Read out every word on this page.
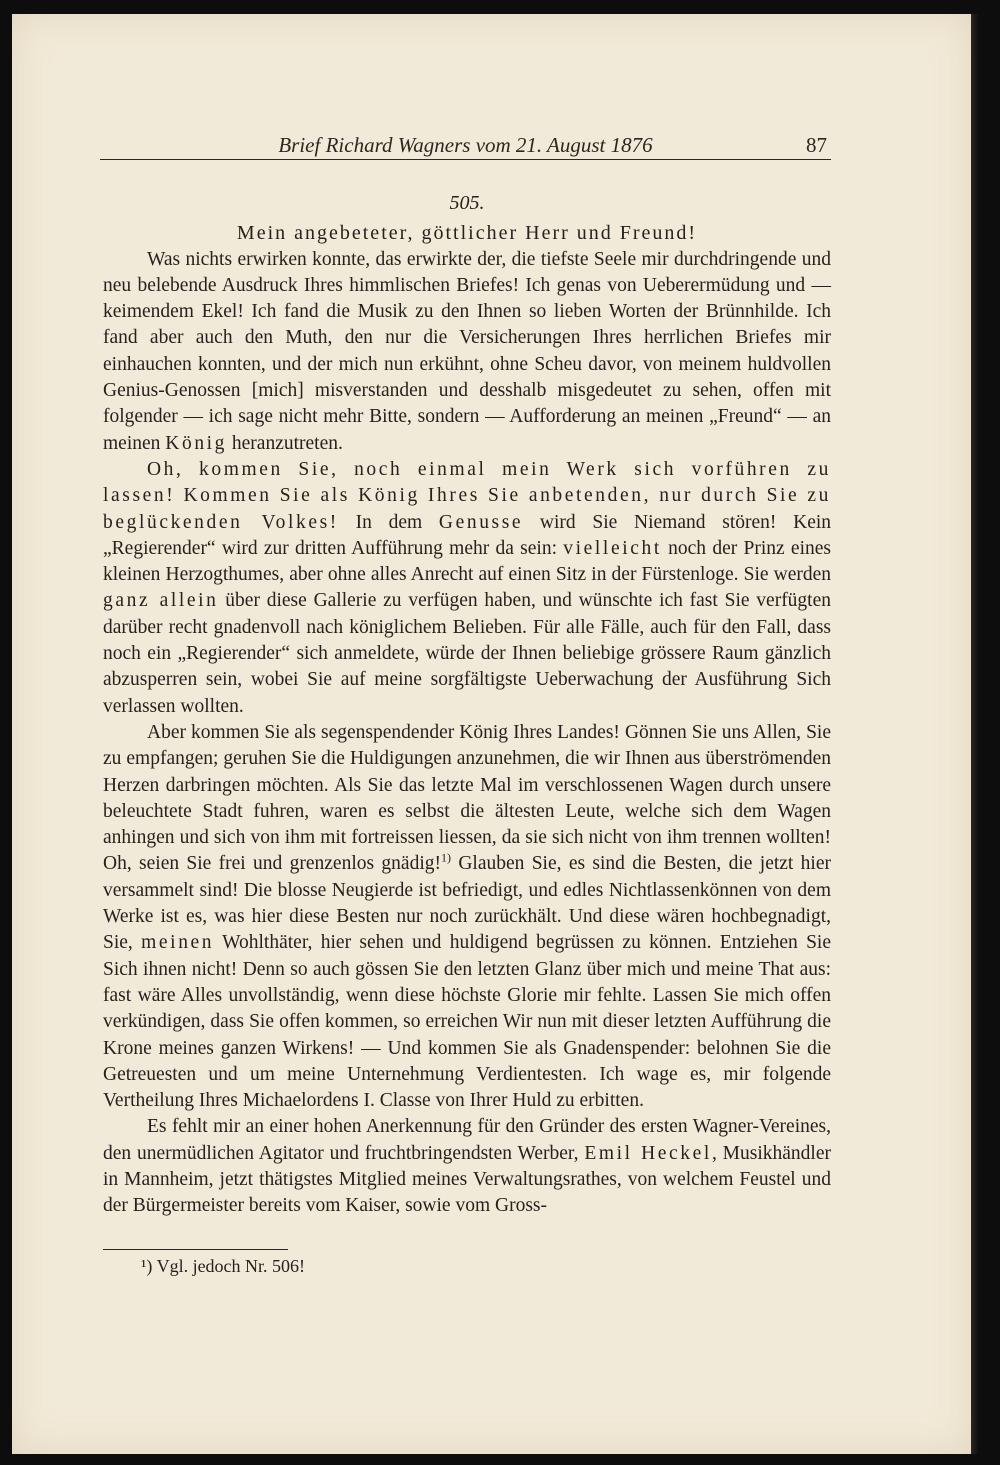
Brief Richard Wagners vom 21. August 1876	87

505.

Mein angebeteter, göttlicher Herr und Freund!

Was nichts erwirken konnte, das erwirkte der, die tiefste Seele mir durchdringende und neu belebende Ausdruck Ihres himmlischen Briefes! Ich genas von Ueberermüdung und — keimendem Ekel! Ich fand die Musik zu den Ihnen so lieben Worten der Brünnhilde. Ich fand aber auch den Muth, den nur die Versicherungen Ihres herrlichen Briefes mir einhauchen konnten, und der mich nun erkühnt, ohne Scheu davor, von meinem huldvollen Genius-Genossen [mich] misverstanden und desshalb misgedeutet zu sehen, offen mit folgender — ich sage nicht mehr Bitte, sondern — Aufforderung an meinen „Freund“ — an meinen König heranzutreten.

Oh, kommen Sie, noch einmal mein Werk sich vorführen zu lassen! Kommen Sie als König Ihres Sie anbetenden, nur durch Sie zu beglückenden Volkes! In dem Genusse wird Sie Niemand stören! Kein „Regierender“ wird zur dritten Aufführung mehr da sein: vielleicht noch der Prinz eines kleinen Herzogthumes, aber ohne alles Anrecht auf einen Sitz in der Fürstenloge. Sie werden ganz allein über diese Gallerie zu verfügen haben, und wünschte ich fast Sie verfügten darüber recht gnadenvoll nach königlichem Belieben. Für alle Fälle, auch für den Fall, dass noch ein „Regierender“ sich anmeldete, würde der Ihnen beliebige grössere Raum gänzlich abzusperren sein, wobei Sie auf meine sorgfältigste Ueberwachung der Ausführung Sich verlassen wollten.

Aber kommen Sie als segenspendender König Ihres Landes! Gönnen Sie uns Allen, Sie zu empfangen; geruhen Sie die Huldigungen anzunehmen, die wir Ihnen aus überströmenden Herzen darbringen möchten. Als Sie das letzte Mal im verschlossenen Wagen durch unsere beleuchtete Stadt fuhren, waren es selbst die ältesten Leute, welche sich dem Wagen anhingen und sich von ihm mit fortreissen liessen, da sie sich nicht von ihm trennen wollten! Oh, seien Sie frei und grenzenlos gnädig!$^{1)}$ Glauben Sie, es sind die Besten, die jetzt hier versammelt sind! Die blosse Neugierde ist befriedigt, und edles Nichtlassenkönnen von dem Werke ist es, was hier diese Besten nur noch zurückhält. Und diese wären hochbegnadigt, Sie, meinen Wohlthäter, hier sehen und huldigend begrüssen zu können. Entziehen Sie Sich ihnen nicht! Denn so auch gössen Sie den letzten Glanz über mich und meine That aus: fast wäre Alles unvollständig, wenn diese höchste Glorie mir fehlte. Lassen Sie mich offen verkündigen, dass Sie offen kommen, so erreichen Wir nun mit dieser letzten Aufführung die Krone meines ganzen Wirkens! — Und kommen Sie als Gnadenspender: belohnen Sie die Getreuesten und um meine Unternehmung Verdientesten. Ich wage es, mir folgende Vertheilung Ihres Michaelordens I. Classe von Ihrer Huld zu erbitten.

Es fehlt mir an einer hohen Anerkennung für den Gründer des ersten Wagner-Vereines, den unermüdlichen Agitator und fruchtbringendsten Werber, Emil Heckel, Musikhändler in Mannheim, jetzt thätigstes Mitglied meines Verwaltungsrathes, von welchem Feustel und der Bürgermeister bereits vom Kaiser, sowie vom Gross-

¹) Vgl. jedoch Nr. 506!
